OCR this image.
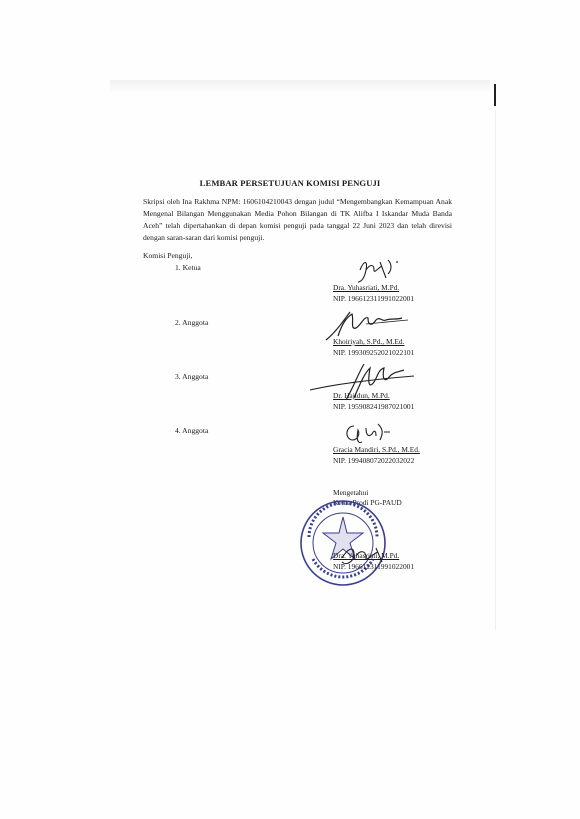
LEMBAR PERSETUJUAN KOMISI PENGUJI
Skripsi oleh Ina Rakhma NPM: 1606104210043 dengan judul “Mengembangkan Kemampuan Anak Mengenal Bilangan Menggunakan Media Pohon Bilangan di TK Alifba I Iskandar Muda Banda Aceh” telah dipertahankan di depan komisi penguji pada tanggal 22 Juni 2023 dan telah direvisi dengan saran-saran dari komisi penguji.
Komisi Penguji,
1. Ketua
Dra. Yuhasriati, M.Pd.
NIP. 196612311991022001
2. Anggota
Khoiriyah, S.Pd., M.Ed.
NIP. 199309252021022101
3. Anggota
Dr. Hajidun, M.Pd.
NIP. 195908241987021001
4. Anggota
Gracia Mandiri, S.Pd., M.Ed.
NIP. 199408072022032022
Mengetahui
Ketua Prodi PG-PAUD
Dra. Yuhasriati, M.Pd.
NIP. 196612311991022001
